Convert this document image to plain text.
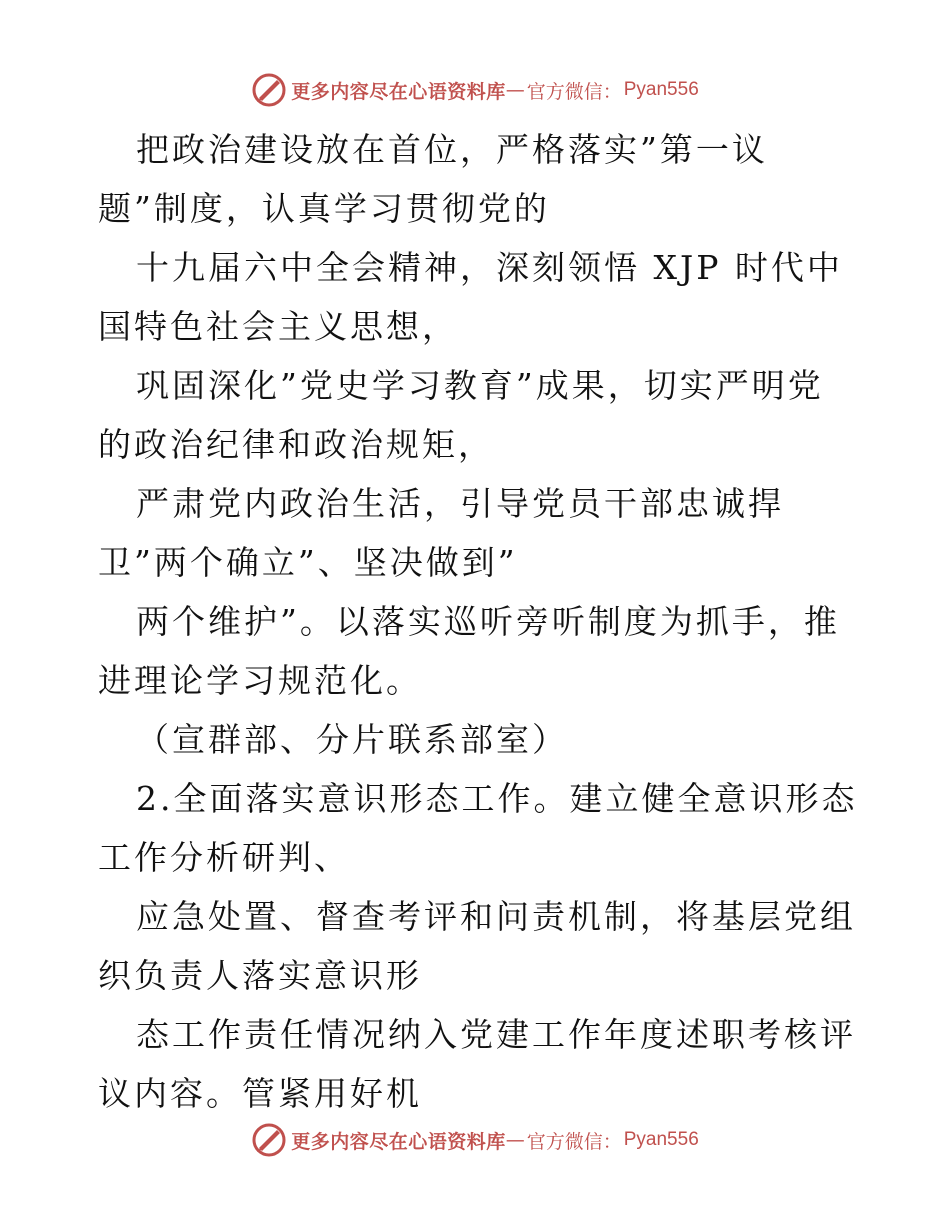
更多内容尽在心语资料库 — 官方微信： Pyan556

把政治建设放在首位，严格落实”第一议题”制度，认真学习贯彻党的

十九届六中全会精神，深刻领悟 XJP 时代中国特色社会主义思想，

巩固深化”党史学习教育”成果，切实严明党的政治纪律和政治规矩，

严肃党内政治生活，引导党员干部忠诚捍卫”两个确立”、坚决做到”

两个维护”。以落实巡听旁听制度为抓手，推进理论学习规范化。

（宣群部、分片联系部室）

2.全面落实意识形态工作。建立健全意识形态工作分析研判、

应急处置、督查考评和问责机制，将基层党组织负责人落实意识形

态工作责任情况纳入党建工作年度述职考核评议内容。管紧用好机

更多内容尽在心语资料库 — 官方微信： Pyan556
